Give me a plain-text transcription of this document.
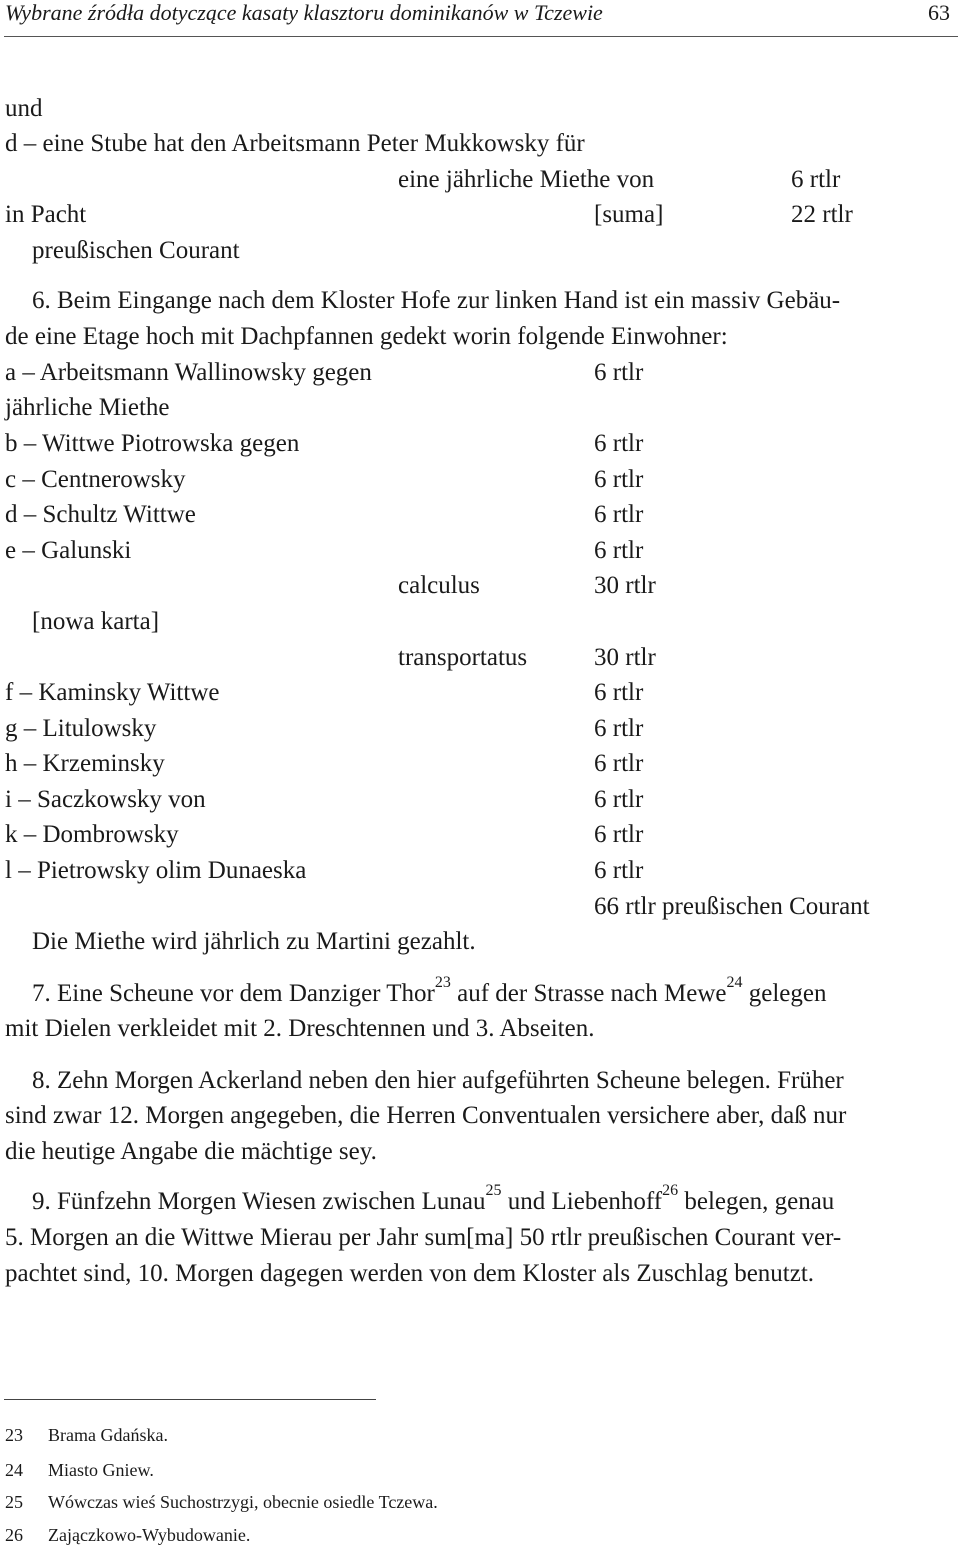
Wybrane źródła dotyczące kasaty klasztoru dominikanów w Tczewie	63
und
d – eine Stube hat den Arbeitsmann Peter Mukkowsky für
eine jährliche Miethe von	6 rtlr
in Pacht	[suma]	22 rtlr
preußischen Courant
6. Beim Eingange nach dem Kloster Hofe zur linken Hand ist ein massiv Gebäu-
de eine Etage hoch mit Dachpfannen gedekt worin folgende Einwohner:
a – Arbeitsmann Wallinowsky gegen	6 rtlr
jährliche Miethe
b – Wittwe Piotrowska gegen	6 rtlr
c – Centnerowsky	6 rtlr
d – Schultz Wittwe	6 rtlr
e – Galunski	6 rtlr
calculus	30 rtlr
[nowa karta]
transportatus	30 rtlr
f – Kaminsky Wittwe	6 rtlr
g – Litulowsky	6 rtlr
h – Krzeminsky	6 rtlr
i – Saczkowsky von	6 rtlr
k – Dombrowsky	6 rtlr
l – Pietrowsky olim Dunaeska	6 rtlr
66 rtlr preußischen Courant
Die Miethe wird jährlich zu Martini gezahlt.
7. Eine Scheune vor dem Danziger Thor$^{23}$ auf der Strasse nach Mewe$^{24}$ gelegen
mit Dielen verkleidet mit 2. Dreschtennen und 3. Abseiten.
8. Zehn Morgen Ackerland neben den hier aufgeführten Scheune belegen. Früher
sind zwar 12. Morgen angegeben, die Herren Conventualen versichere aber, daß nur
die heutige Angabe die mächtige sey.
9. Fünfzehn Morgen Wiesen zwischen Lunau$^{25}$ und Liebenhoff$^{26}$ belegen, genau
5. Morgen an die Wittwe Mierau per Jahr sum[ma] 50 rtlr preußischen Courant ver-
pachtet sind, 10. Morgen dagegen werden von dem Kloster als Zuschlag benutzt.
23 Brama Gdańska.
24 Miasto Gniew.
25 Wówczas wieś Suchostrzygi, obecnie osiedle Tczewa.
26 Zajączkowo-Wybudowanie.
